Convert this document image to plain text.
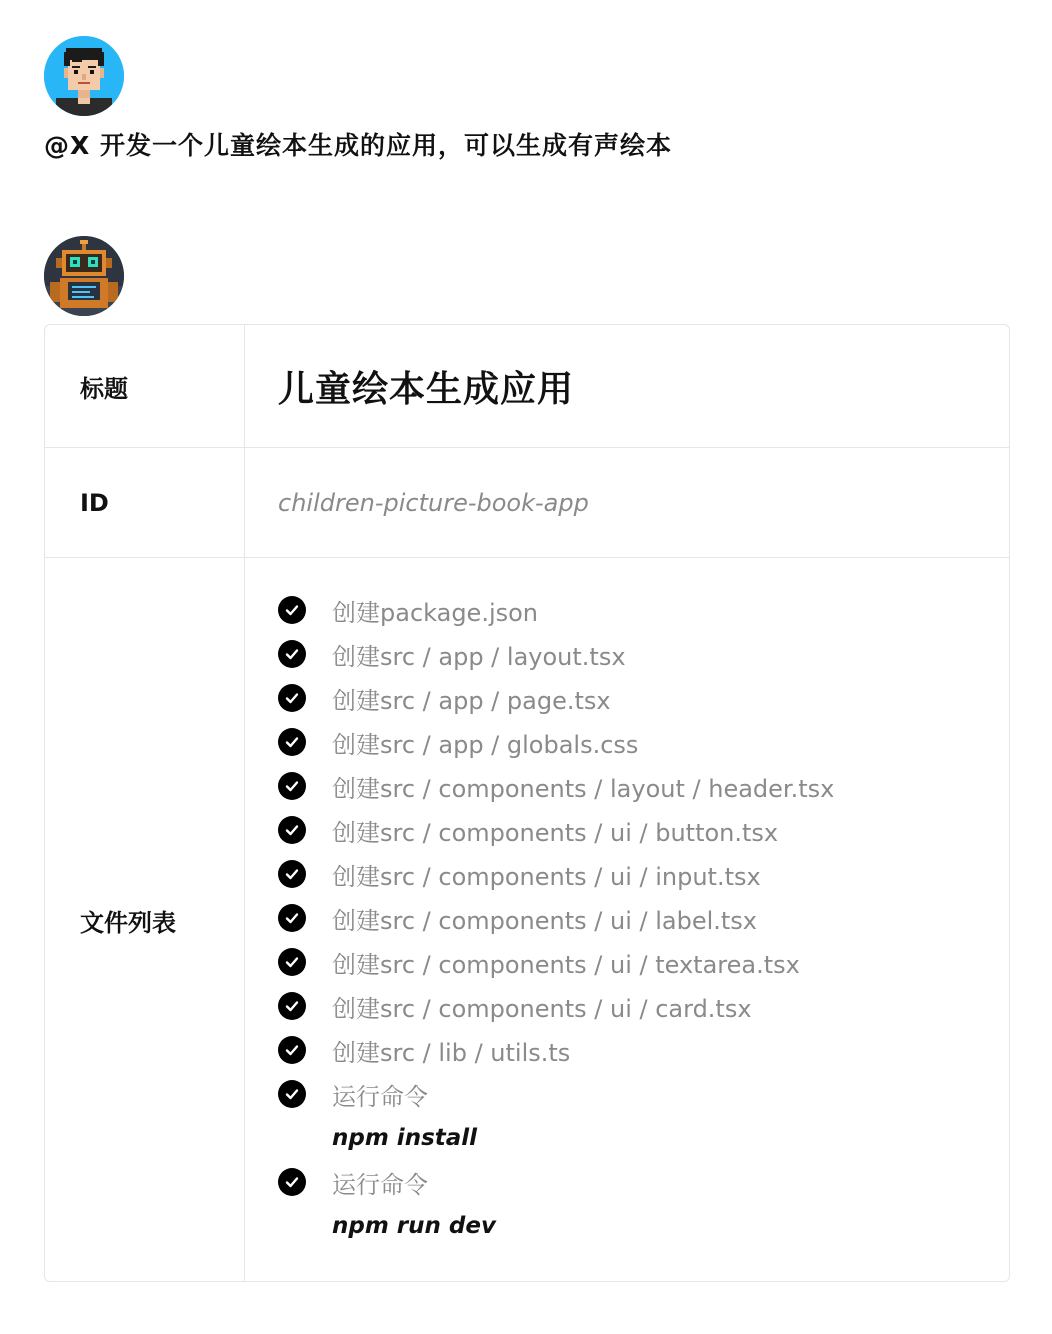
@X 开发一个儿童绘本生成的应用，可以生成有声绘本
标题	儿童绘本生成应用
ID	children-picture-book-app
文件列表
创建package.json
创建src / app / layout.tsx
创建src / app / page.tsx
创建src / app / globals.css
创建src / components / layout / header.tsx
创建src / components / ui / button.tsx
创建src / components / ui / input.tsx
创建src / components / ui / label.tsx
创建src / components / ui / textarea.tsx
创建src / components / ui / card.tsx
创建src / lib / utils.ts
运行命令
npm install
运行命令
npm run dev
